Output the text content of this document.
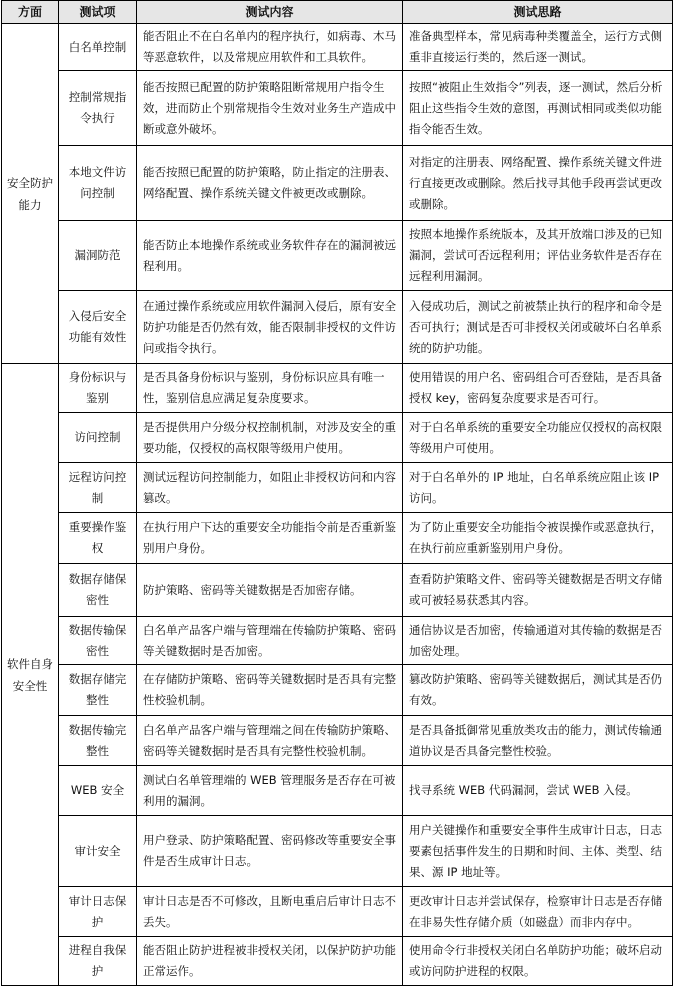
方面	测试项	测试内容	测试思路
安全防护能力	白名单控制	能否阻止不在白名单内的程序执行，如病毒、木马等恶意软件，以及常规应用软件和工具软件。	准备典型样本，常见病毒种类覆盖全，运行方式侧重非直接运行类的，然后逐一测试。
	控制常规指令执行	能否按照已配置的防护策略阻断常规用户指令生效，进而防止个别常规指令生效对业务生产造成中断或意外破坏。	按照“被阻止生效指令”列表，逐一测试，然后分析阻止这些指令生效的意图，再测试相同或类似功能指令能否生效。
	本地文件访问控制	能否按照已配置的防护策略，防止指定的注册表、网络配置、操作系统关键文件被更改或删除。	对指定的注册表、网络配置、操作系统关键文件进行直接更改或删除。然后找寻其他手段再尝试更改或删除。
	漏洞防范	能否防止本地操作系统或业务软件存在的漏洞被远程利用。	按照本地操作系统版本，及其开放端口涉及的已知漏洞，尝试可否远程利用；评估业务软件是否存在远程利用漏洞。
	入侵后安全功能有效性	在通过操作系统或应用软件漏洞入侵后，原有安全防护功能是否仍然有效，能否限制非授权的文件访问或指令执行。	入侵成功后，测试之前被禁止执行的程序和命令是否可执行；测试是否可非授权关闭或破坏白名单系统的防护功能。
软件自身安全性	身份标识与鉴别	是否具备身份标识与鉴别，身份标识应具有唯一性，鉴别信息应满足复杂度要求。	使用错误的用户名、密码组合可否登陆，是否具备授权 key，密码复杂度要求是否可行。
	访问控制	是否提供用户分级分权控制机制，对涉及安全的重要功能，仅授权的高权限等级用户使用。	对于白名单系统的重要安全功能应仅授权的高权限等级用户可使用。
	远程访问控制	测试远程访问控制能力，如阻止非授权访问和内容篡改。	对于白名单外的 IP 地址，白名单系统应阻止该 IP 访问。
	重要操作鉴权	在执行用户下达的重要安全功能指令前是否重新鉴别用户身份。	为了防止重要安全功能指令被误操作或恶意执行，在执行前应重新鉴别用户身份。
	数据存储保密性	防护策略、密码等关键数据是否加密存储。	查看防护策略文件、密码等关键数据是否明文存储或可被轻易获悉其内容。
	数据传输保密性	白名单产品客户端与管理端在传输防护策略、密码等关键数据时是否加密。	通信协议是否加密，传输通道对其传输的数据是否加密处理。
	数据存储完整性	在存储防护策略、密码等关键数据时是否具有完整性校验机制。	篡改防护策略、密码等关键数据后，测试其是否仍有效。
	数据传输完整性	白名单产品客户端与管理端之间在传输防护策略、密码等关键数据时是否具有完整性校验机制。	是否具备抵御常见重放类攻击的能力，测试传输通道协议是否具备完整性校验。
	WEB 安全	测试白名单管理端的 WEB 管理服务是否存在可被利用的漏洞。	找寻系统 WEB 代码漏洞，尝试 WEB 入侵。
	审计安全	用户登录、防护策略配置、密码修改等重要安全事件是否生成审计日志。	用户关键操作和重要安全事件生成审计日志，日志要素包括事件发生的日期和时间、主体、类型、结果、源 IP 地址等。
	审计日志保护	审计日志是否不可修改，且断电重启后审计日志不丢失。	更改审计日志并尝试保存，检察审计日志是否存储在非易失性存储介质（如磁盘）而非内存中。
	进程自我保护	能否阻止防护进程被非授权关闭，以保护防护功能正常运作。	使用命令行非授权关闭白名单防护功能；破坏启动或访问防护进程的权限。
